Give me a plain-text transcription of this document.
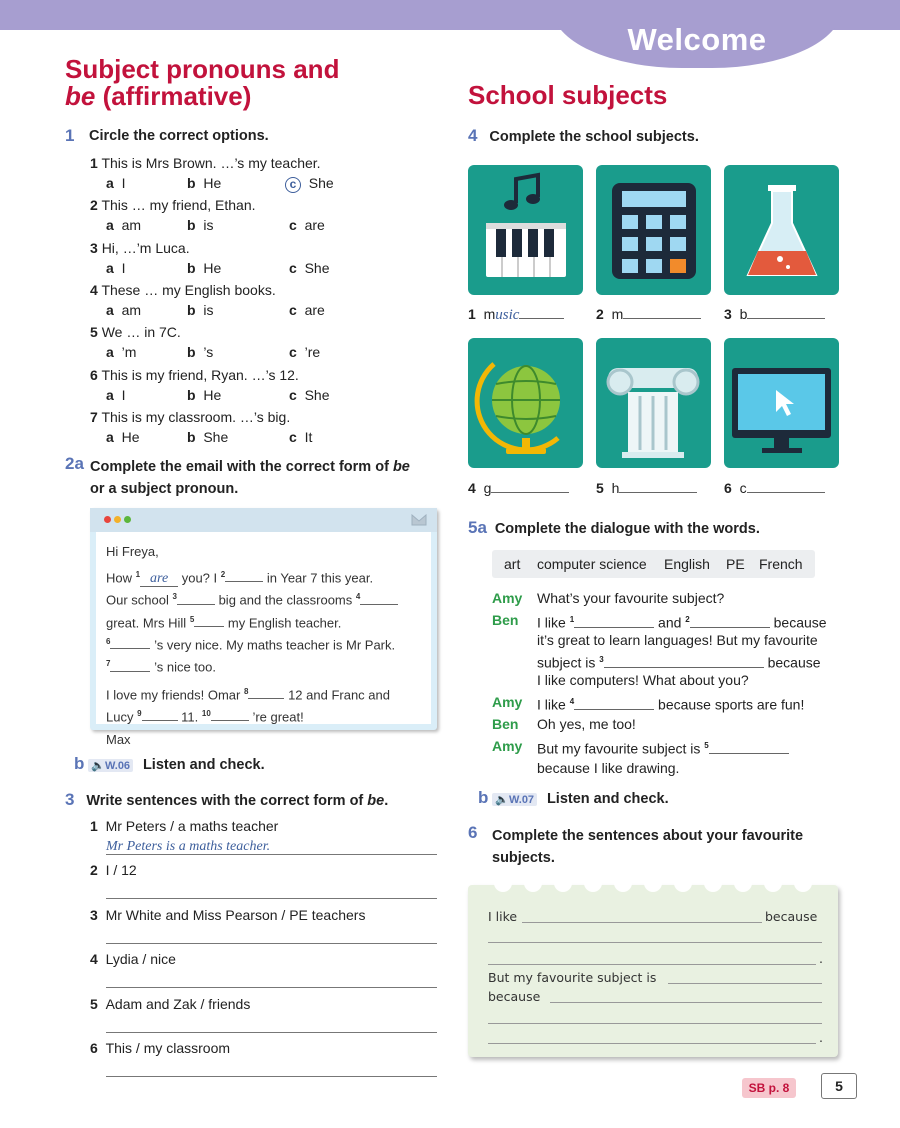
Welcome
Subject pronouns and
be (affirmative)
1 Circle the correct options.
1 This is Mrs Brown. …’s my teacher.
a I	b He	c She
2 This … my friend, Ethan.
a am	b is	c are
3 Hi, …’m Luca.
a I	b He	c She
4 These … my English books.
a am	b is	c are
5 We … in 7C.
a ’m	b ’s	c ’re
6 This is my friend, Ryan. …’s 12.
a I	b He	c She
7 This is my classroom. …’s big.
a He	b She	c It
2a Complete the email with the correct form of be
or a subject pronoun.
Hi Freya,
How $^1$ are you? I $^2$	in Year 7 this year.
Our school $^3$	big and the classrooms $^4$
great. Mrs Hill $^5$	my English teacher.
$^6$	’s very nice. My maths teacher is Mr Park.
$^7$	’s nice too.
I love my friends! Omar $^8$	12 and Franc and
Lucy $^9$	11. $^{10}$	’re great!
Max
b 🔈W.06 Listen and check.
3 Write sentences with the correct form of be.
1 Mr Peters / a maths teacher
Mr Peters is a maths teacher.
2 I / 12
3 Mr White and Miss Pearson / PE teachers
4 Lydia / nice
5 Adam and Zak / friends
6 This / my classroom
School subjects
4 Complete the school subjects.
1 music	2 m	3 b
4 g	5 h	6 c
5a Complete the dialogue with the words.
art computer science English PE French
Amy What’s your favourite subject?
Ben I like $^1$	and $^2$	because
it’s great to learn languages! But my favourite
subject is $^3$	because
I like computers! What about you?
Amy I like $^4$	because sports are fun!
Ben Oh yes, me too!
Amy But my favourite subject is $^5$
because I like drawing.
b 🔈W.07 Listen and check.
6 Complete the sentences about your favourite
subjects.
I like	because
.
But my favourite subject is
because
.
SB p. 8	5
